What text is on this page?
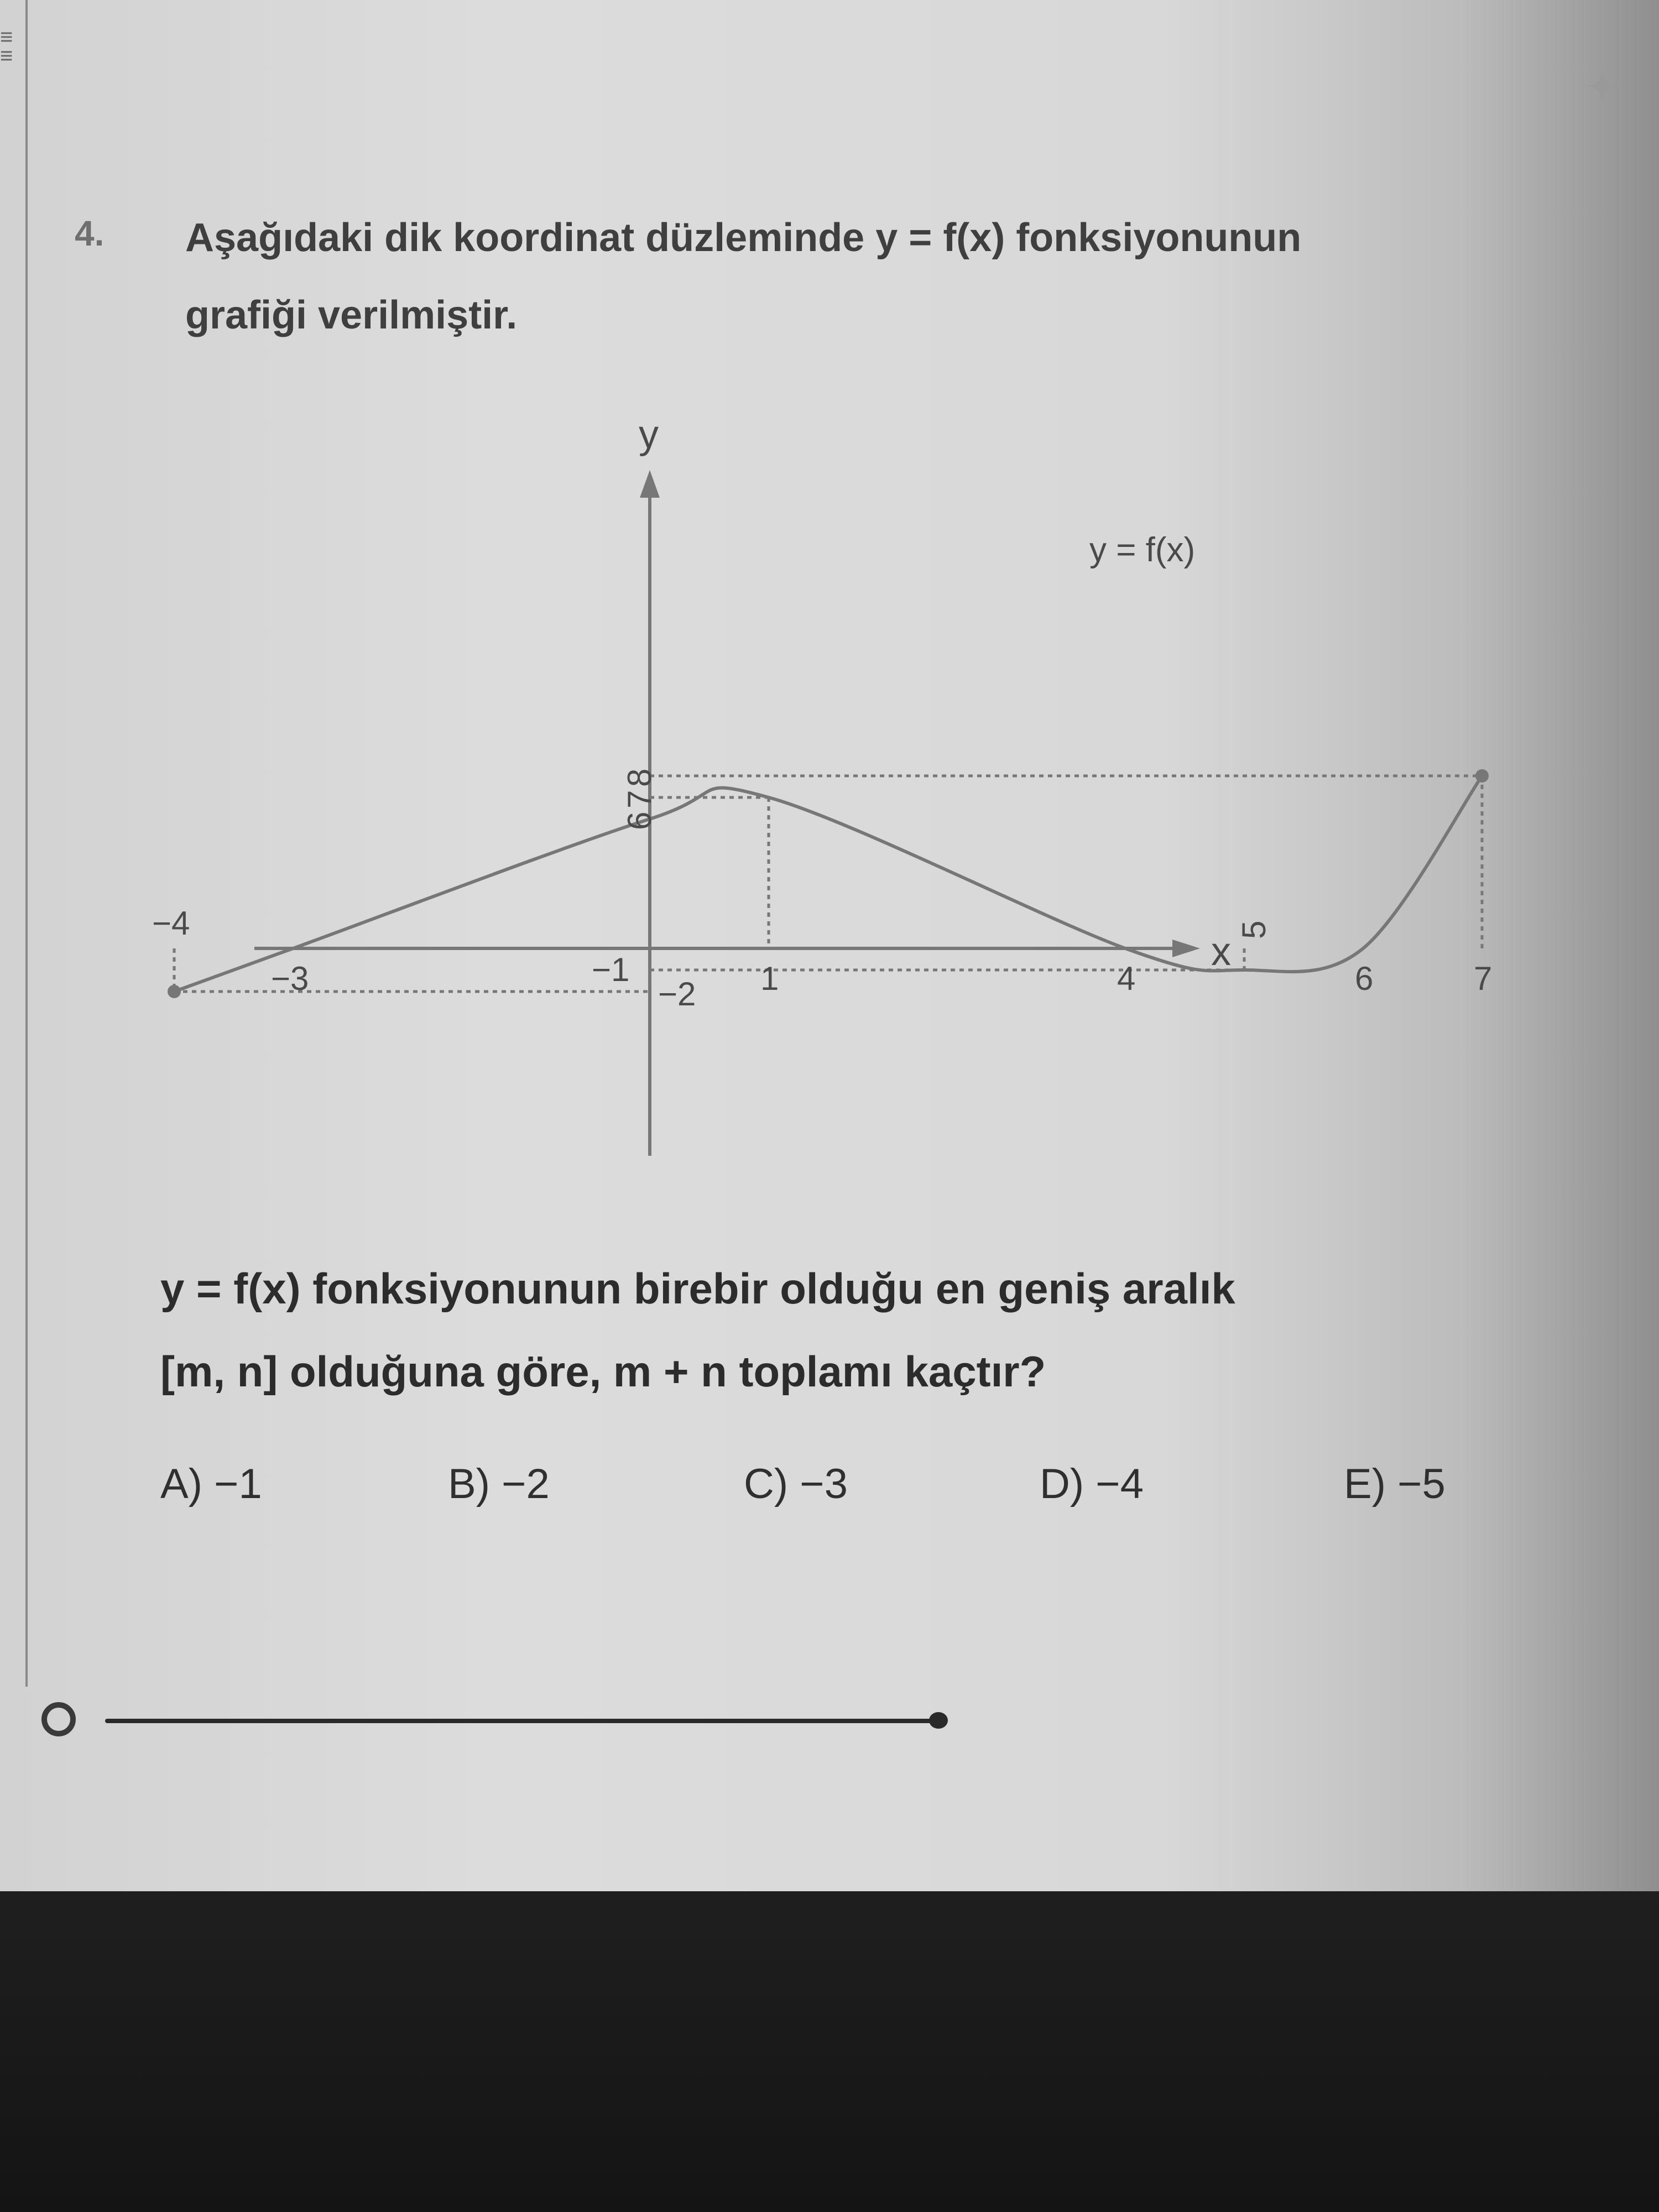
≡
≡
4. Aşağıdaki dik koordinat düzleminde y = f(x) fonksiyonunun
grafiği verilmiştir.
y
x
y = f(x)
−4
−3	1	4
5
6	7
8
7
6
−1
−2
y = f(x) fonksiyonunun birebir olduğu en geniş aralık
[m, n] olduğuna göre, m + n toplamı kaçtır?
A) −1	B) −2	C) −3	D) −4	E) −5
✦
